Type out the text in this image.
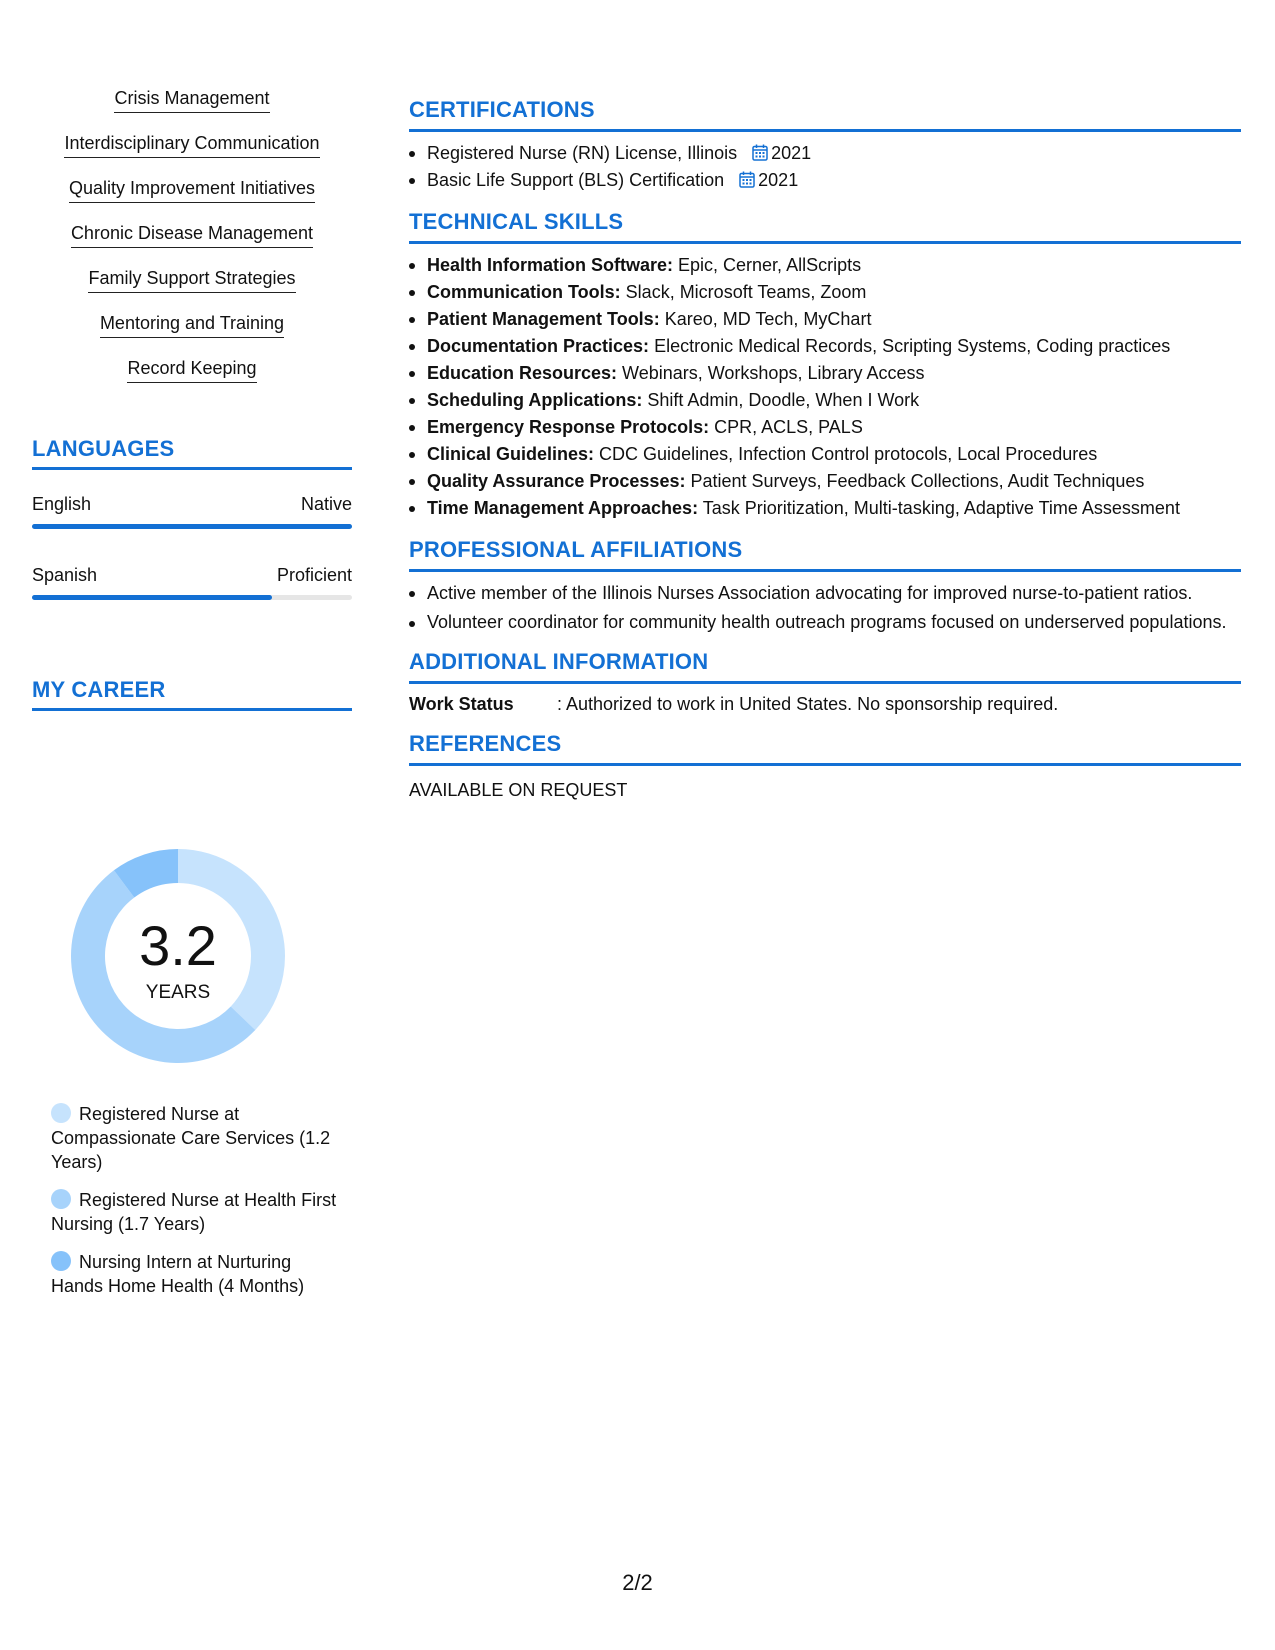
Crisis Management
Interdisciplinary Communication
Quality Improvement Initiatives
Chronic Disease Management
Family Support Strategies
Mentoring and Training
Record Keeping
LANGUAGES
English	Native
Spanish	Proficient
MY CAREER
3.2
YEARS
Registered Nurse at Compassionate Care Services (1.2 Years)
Registered Nurse at Health First Nursing (1.7 Years)
Nursing Intern at Nurturing Hands Home Health (4 Months)
CERTIFICATIONS
Registered Nurse (RN) License, Illinois 2021
Basic Life Support (BLS) Certification 2021
TECHNICAL SKILLS
Health Information Software: Epic, Cerner, AllScripts
Communication Tools: Slack, Microsoft Teams, Zoom
Patient Management Tools: Kareo, MD Tech, MyChart
Documentation Practices: Electronic Medical Records, Scripting Systems, Coding practices
Education Resources: Webinars, Workshops, Library Access
Scheduling Applications: Shift Admin, Doodle, When I Work
Emergency Response Protocols: CPR, ACLS, PALS
Clinical Guidelines: CDC Guidelines, Infection Control protocols, Local Procedures
Quality Assurance Processes: Patient Surveys, Feedback Collections, Audit Techniques
Time Management Approaches: Task Prioritization, Multi-tasking, Adaptive Time Assessment
PROFESSIONAL AFFILIATIONS
Active member of the Illinois Nurses Association advocating for improved nurse-to-patient ratios.
Volunteer coordinator for community health outreach programs focused on underserved populations.
ADDITIONAL INFORMATION
Work Status	: Authorized to work in United States. No sponsorship required.
REFERENCES
AVAILABLE ON REQUEST
2/2
